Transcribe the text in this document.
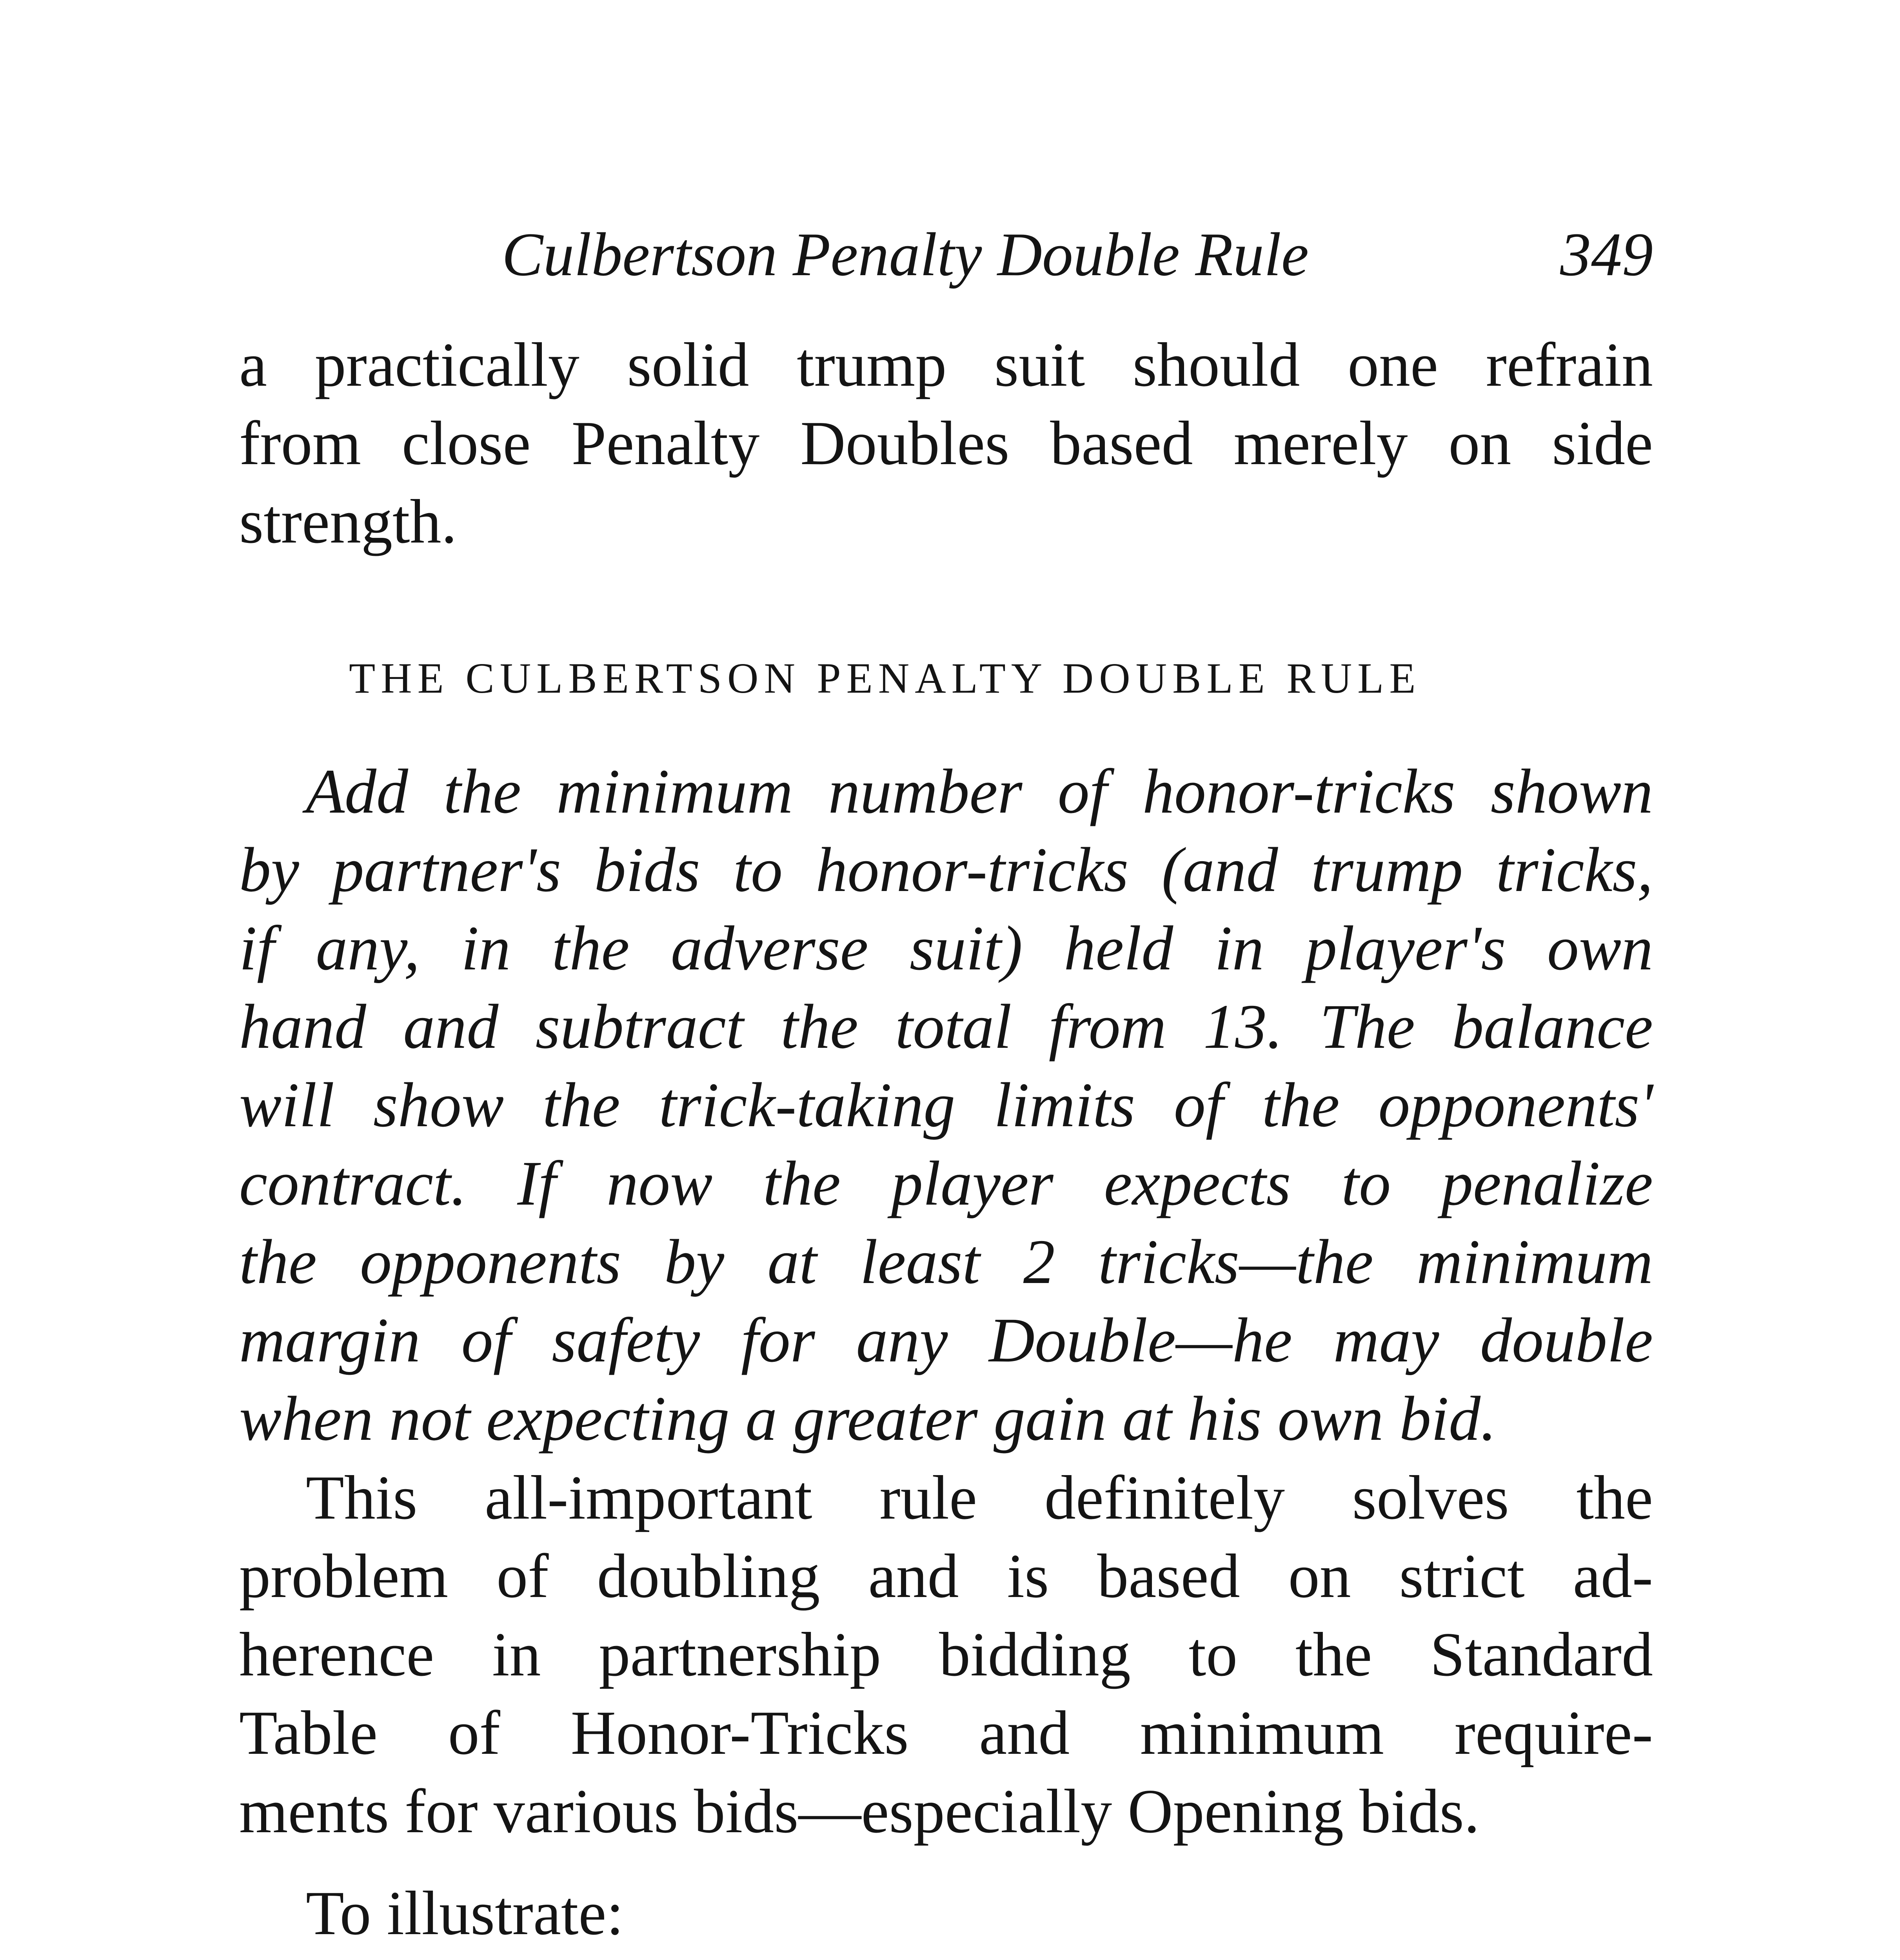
Culbertson Penalty Double Rule	349

a practically solid trump suit should one refrain
from close Penalty Doubles based merely on side
strength.

THE CULBERTSON PENALTY DOUBLE RULE

Add the minimum number of honor-tricks shown
by partner's bids to honor-tricks (and trump tricks,
if any, in the adverse suit) held in player's own
hand and subtract the total from 13. The balance
will show the trick-taking limits of the opponents'
contract. If now the player expects to penalize
the opponents by at least 2 tricks—the minimum
margin of safety for any Double—he may double
when not expecting a greater gain at his own bid.

This all-important rule definitely solves the
problem of doubling and is based on strict ad-
herence in partnership bidding to the Standard
Table of Honor-Tricks and minimum require-
ments for various bids—especially Opening bids.

To illustrate:
